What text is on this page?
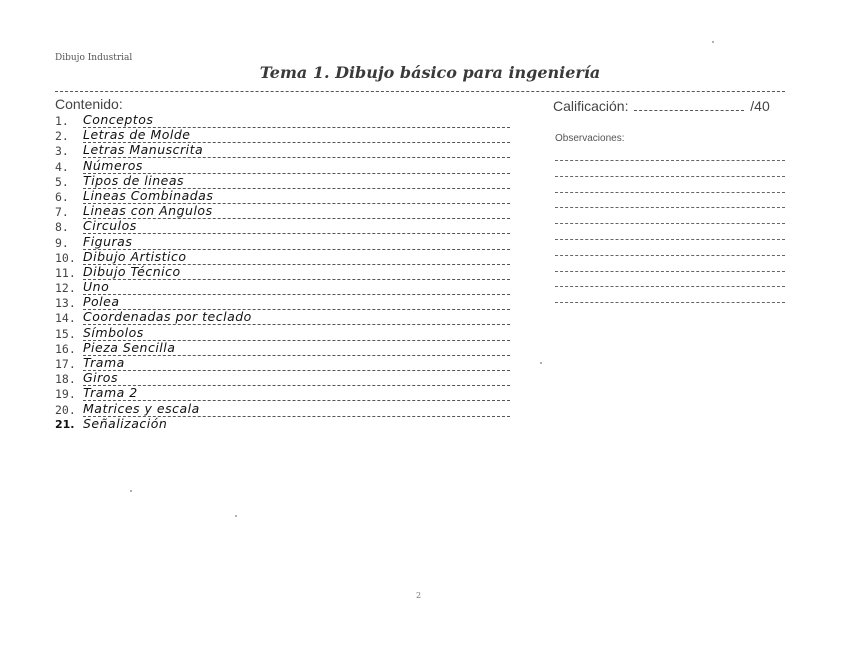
Dibujo Industrial
Tema 1. Dibujo básico para ingeniería
Contenido:	Calificación:	/40
Observaciones:
1. Conceptos
2. Letras de Molde
3. Letras Manuscrita
4. Números
5. Tipos de lineas
6. Lineas Combinadas
7. Lineas con Angulos
8. Circulos
9. Figuras
10. Dibujo Artistico
11. Dibujo Técnico
12. Uno
13. Polea
14. Coordenadas por teclado
15. Símbolos
16. Pieza Sencilla
17. Trama
18. Giros
19. Trama 2
20. Matrices y escala
21. Señalización
2
